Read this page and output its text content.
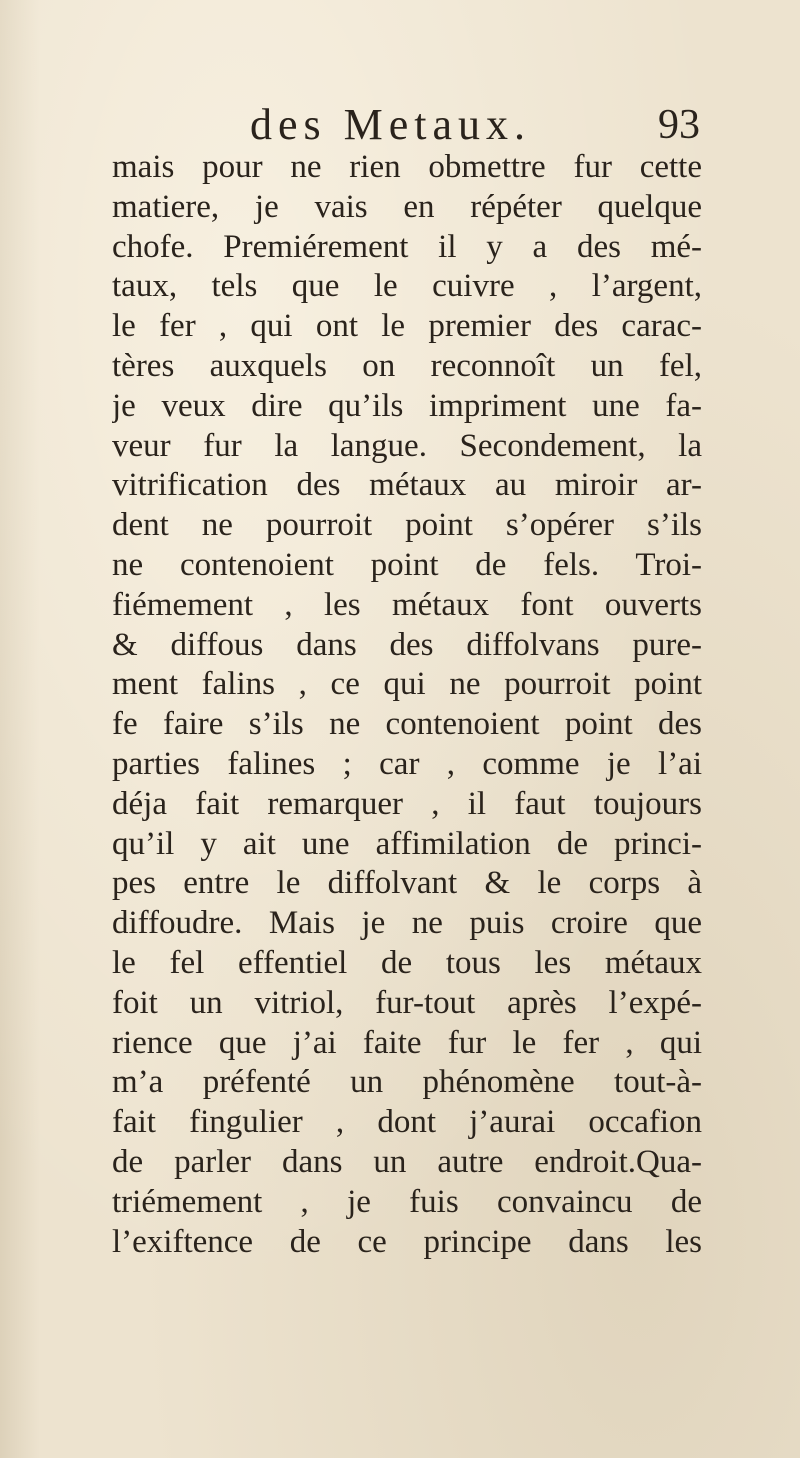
des Metaux.	93
mais pour ne rien obmettre fur cette
matiere, je vais en répéter quelque
chofe. Premiérement il y a des mé-
taux, tels que le cuivre , l’argent,
le fer , qui ont le premier des carac-
tères auxquels on reconnoît un fel,
je veux dire qu’ils impriment une fa-
veur fur la langue. Secondement, la
vitrification des métaux au miroir ar-
dent ne pourroit point s’opérer s’ils
ne contenoient point de fels. Troi-
fiémement , les métaux font ouverts
& diffous dans des diffolvans pure-
ment falins , ce qui ne pourroit point
fe faire s’ils ne contenoient point des
parties falines ; car , comme je l’ai
déja fait remarquer , il faut toujours
qu’il y ait une affimilation de princi-
pes entre le diffolvant & le corps à
diffoudre. Mais je ne puis croire que
le fel effentiel de tous les métaux
foit un vitriol, fur-tout après l’expé-
rience que j’ai faite fur le fer , qui
m’a préfenté un phénomène tout-à-
fait fingulier , dont j’aurai occafion
de parler dans un autre endroit.Qua-
triémement , je fuis convaincu de
l’exiftence de ce principe dans les
